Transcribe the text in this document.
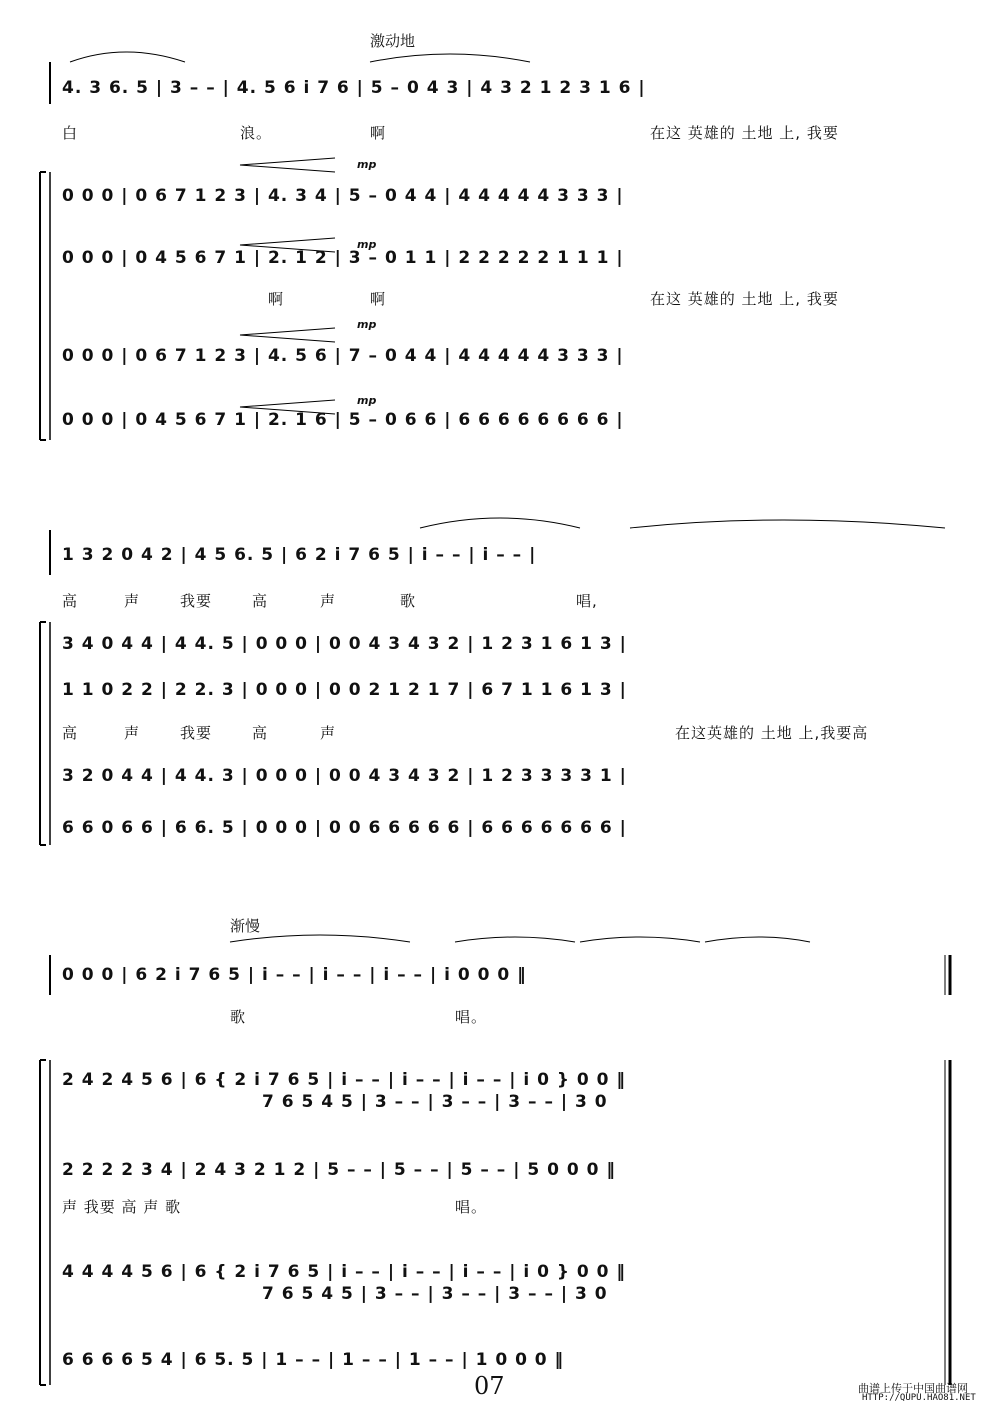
激动地
4. 3 6. 5 | 3 – – | 4. 5 6 i 7 6 | 5 – 0 4 3 | 4 3 2 1 2 3 1 6 |
白	浪。	啊	在这 英雄的 土地 上, 我要
mp
0 0 0 | 0 6 7 1 2 3 | 4. 3 4 | 5 – 0 4 4 | 4 4 4 4 4 3 3 3 |
mp
0 0 0 | 0 4 5 6 7 1 | 2. 1 2 | 3 – 0 1 1 | 2 2 2 2 2 1 1 1 |
啊	啊	在这 英雄的 土地 上, 我要
mp
0 0 0 | 0 6 7 1 2 3 | 4. 5 6 | 7 – 0 4 4 | 4 4 4 4 4 3 3 3 |
mp
0 0 0 | 0 4 5 6 7 1 | 2. 1 6 | 5 – 0 6 6 | 6 6 6 6 6 6 6 6 |
1 3 2 0 4 2 | 4 5 6. 5 | 6 2 i 7 6 5 | i – – | i – – |
高	声	我要	高	声	歌	唱,
3 4 0 4 4 | 4 4. 5 | 0 0 0 | 0 0 4 3 4 3 2 | 1 2 3 1 6 1 3 |
1 1 0 2 2 | 2 2. 3 | 0 0 0 | 0 0 2 1 2 1 7 | 6 7 1 1 6 1 3 |
高	声	我要	高	声	在这英雄的 土地 上,我要高
3 2 0 4 4 | 4 4. 3 | 0 0 0 | 0 0 4 3 4 3 2 | 1 2 3 3 3 3 1 |
6 6 0 6 6 | 6 6. 5 | 0 0 0 | 0 0 6 6 6 6 6 | 6 6 6 6 6 6 6 |
渐慢
0 0 0 | 6 2 i 7 6 5 | i – – | i – – | i – – | i 0 0 0 ‖
歌	唱。
2 4 2 4 5 6 | 6 { 2 i 7 6 5 | i – – | i – – | i – – | i 0 } 0 0 ‖
7 6 5 4 5 | 3 – – | 3 – – | 3 – – | 3 0
2 2 2 2 3 4 | 2 4 3 2 1 2 | 5 – – | 5 – – | 5 – – | 5 0 0 0 ‖
声 我要 高 声 歌	唱。
4 4 4 4 5 6 | 6 { 2 i 7 6 5 | i – – | i – – | i – – | i 0 } 0 0 ‖
7 6 5 4 5 | 3 – – | 3 – – | 3 – – | 3 0
6 6 6 6 5 4 | 6 5. 5 | 1 – – | 1 – – | 1 – – | 1 0 0 0 ‖
07	曲谱上传于中国曲谱网
HTTP://QUPU.HAO81.NET
